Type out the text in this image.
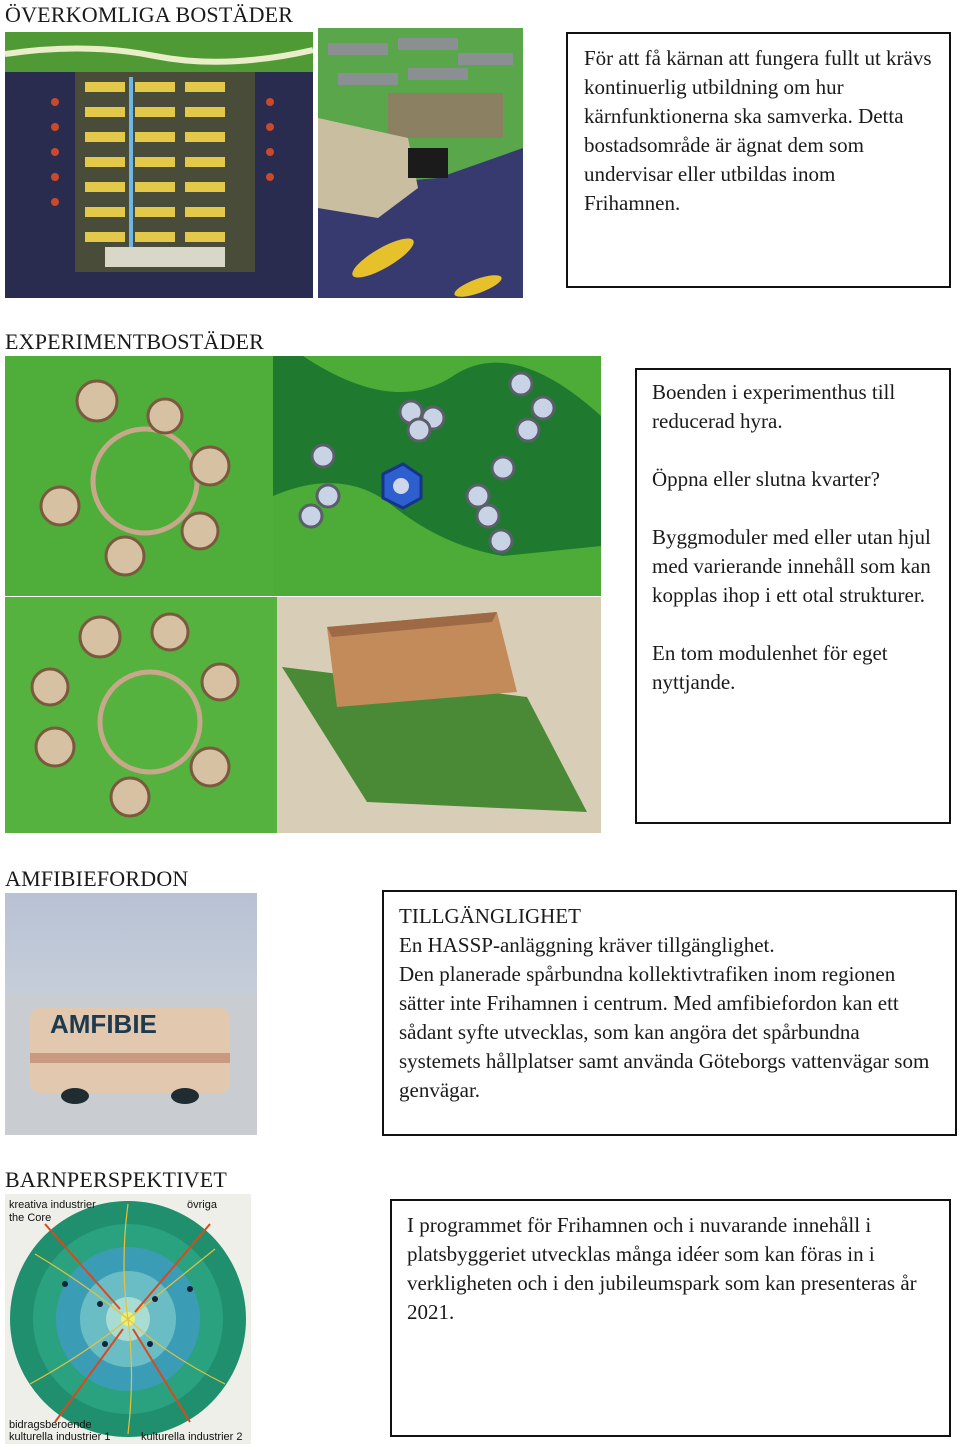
ÖVERKOMLIGA BOSTÄDER
För att få kärnan att fungera fullt ut krävs kontinuerlig utbildning om hur kärnfunktionerna ska samverka. Detta bostadsområde är ägnat dem som undervisar eller utbildas inom Frihamnen.
EXPERIMENTBOSTÄDER
Boenden i experimenthus till reducerad hyra.
Öppna eller slutna kvarter?
Byggmoduler med eller utan hjul med varierande innehåll som kan kopplas ihop i ett otal strukturer.
En tom modulenhet för eget nyttjande.
AMFIBIEFORDON
AMFIBIE
TILLGÄNGLIGHET
En HASSP-anläggning kräver tillgänglighet.
Den planerade spårbundna kollektivtrafiken inom regionen sätter inte Frihamnen i centrum. Med amfibiefordon kan ett sådant syfte utvecklas, som kan angöra det spårbundna systemets hållplatser samt använda Göteborgs vattenvägar som genvägar.
BARNPERSPEKTIVET
kreativa industrier
the Core
övriga
bidragsberoende
kulturella industrier 1	kulturella industrier 2
I programmet för Frihamnen och i nuvarande innehåll i platsbyggeriet utvecklas många idéer som kan föras in i verkligheten och i den jubileumspark som kan presenteras år 2021.
